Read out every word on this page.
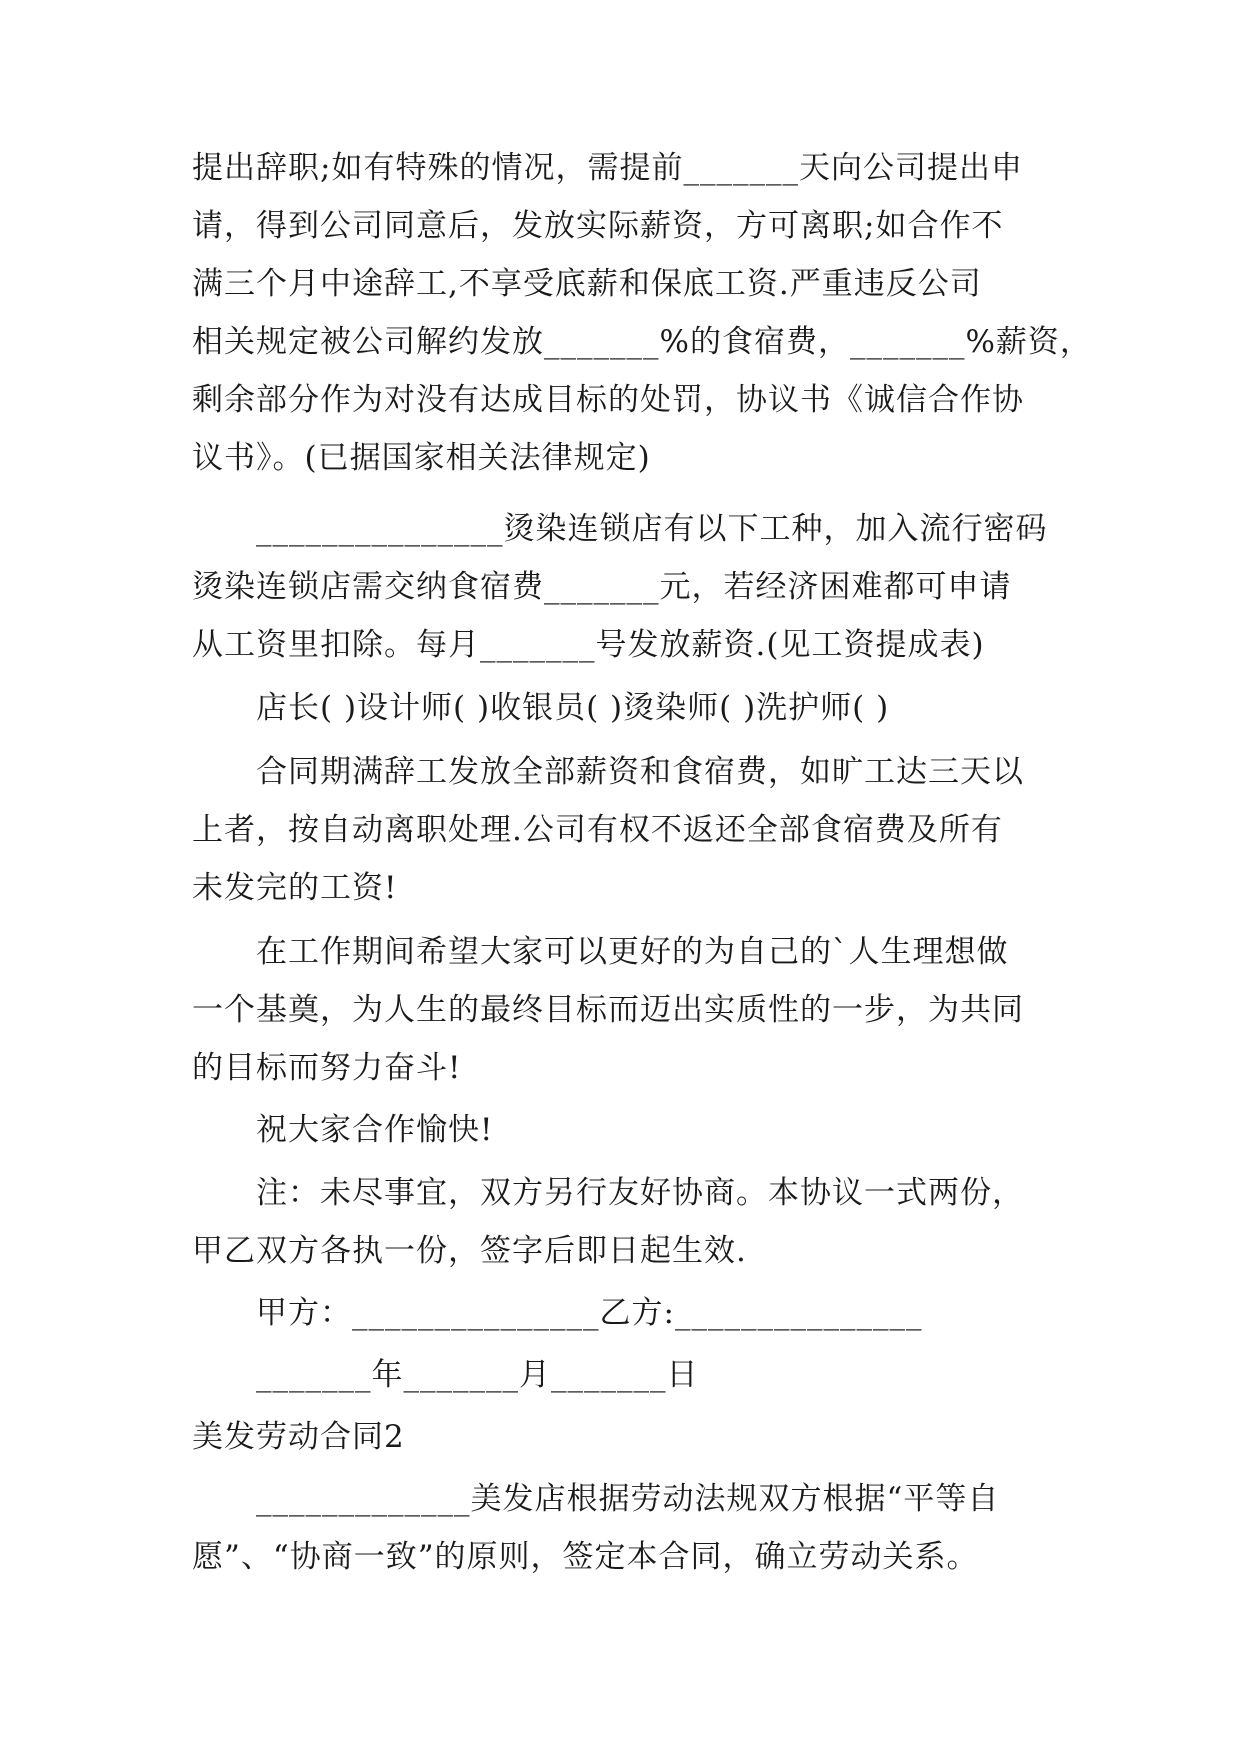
提出辞职;如有特殊的情况，需提前_______天向公司提出申
请，得到公司同意后，发放实际薪资，方可离职;如合作不
满三个月中途辞工,不享受底薪和保底工资.严重违反公司
相关规定被公司解约发放_______%的食宿费，_______%薪资，
剩余部分作为对没有达成目标的处罚，协议书《诚信合作协
议书》。(已据国家相关法律规定)
_______________烫染连锁店有以下工种，加入流行密码
烫染连锁店需交纳食宿费_______元，若经济困难都可申请
从工资里扣除。每月_______号发放薪资.(见工资提成表)
店长( )设计师( )收银员( )烫染师( )洗护师( )
合同期满辞工发放全部薪资和食宿费，如旷工达三天以
上者，按自动离职处理.公司有权不返还全部食宿费及所有
未发完的工资!
在工作期间希望大家可以更好的为自己的`人生理想做
一个基奠，为人生的最终目标而迈出实质性的一步，为共同
的目标而努力奋斗!
祝大家合作愉快!
注：未尽事宜，双方另行友好协商。本协议一式两份，
甲乙双方各执一份，签字后即日起生效.
甲方：_______________乙方:_______________
_______年_______月_______日
美发劳动合同2
_____________美发店根据劳动法规双方根据“平等自
愿”、“协商一致”的原则，签定本合同，确立劳动关系。
